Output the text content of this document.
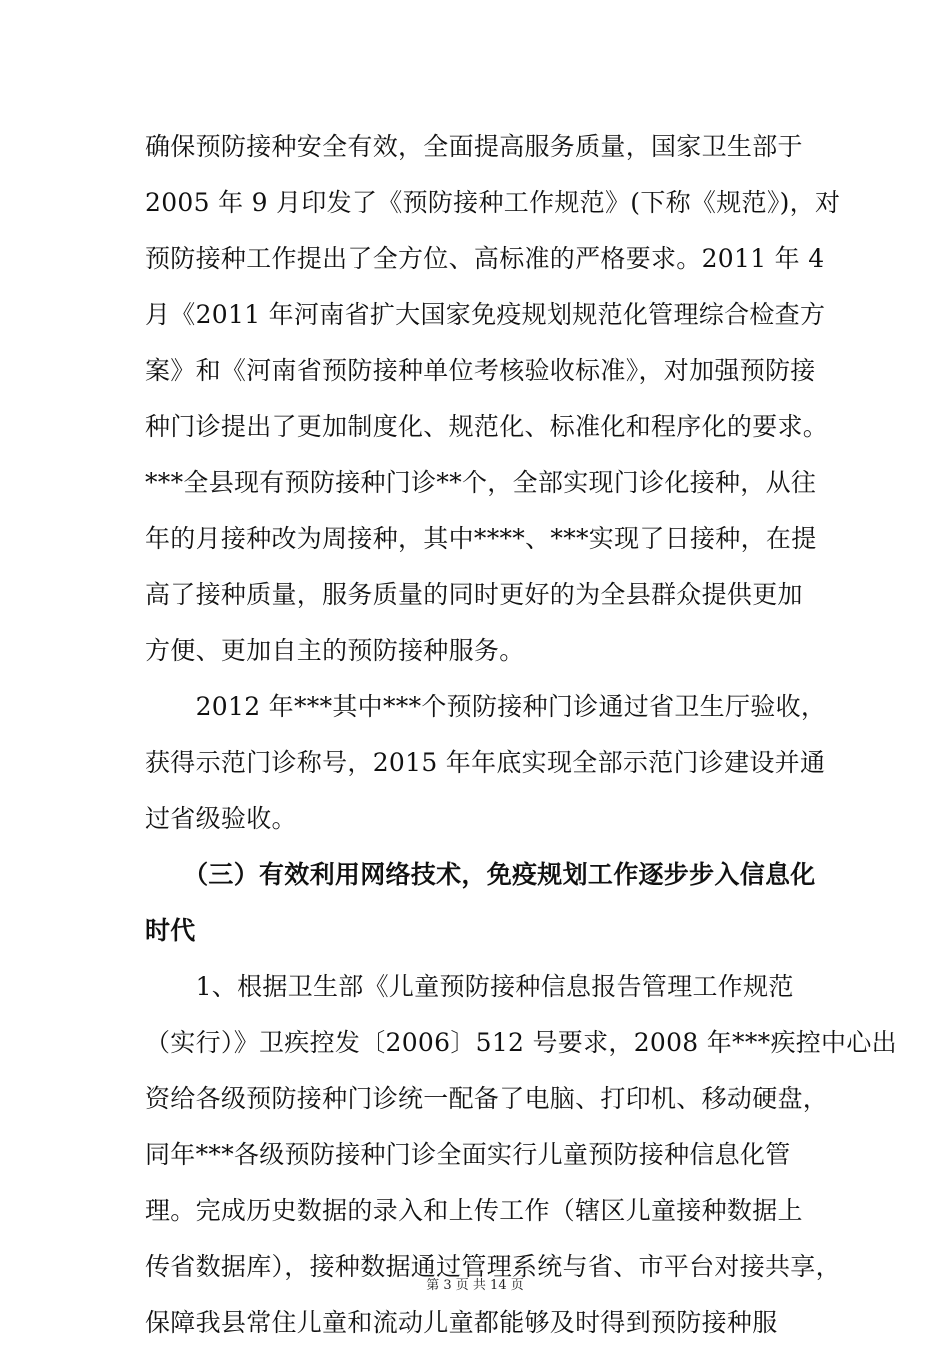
确保预防接种安全有效，全面提高服务质量，国家卫生部于
2005 年 9 月印发了《预防接种工作规范》(下称《规范》)，对
预防接种工作提出了全方位、高标准的严格要求。2011 年 4
月《2011 年河南省扩大国家免疫规划规范化管理综合检查方
案》和《河南省预防接种单位考核验收标准》，对加强预防接
种门诊提出了更加制度化、规范化、标准化和程序化的要求。
***全县现有预防接种门诊**个，全部实现门诊化接种，从往
年的月接种改为周接种，其中****、***实现了日接种，在提
高了接种质量，服务质量的同时更好的为全县群众提供更加
方便、更加自主的预防接种服务。
　　2012 年***其中***个预防接种门诊通过省卫生厅验收，
获得示范门诊称号，2015 年年底实现全部示范门诊建设并通
过省级验收。
　　（三）有效利用网络技术，免疫规划工作逐步步入信息化
时代
　　1、根据卫生部《儿童预防接种信息报告管理工作规范
（实行）》卫疾控发〔2006〕512 号要求，2008 年***疾控中心出
资给各级预防接种门诊统一配备了电脑、打印机、移动硬盘，
同年***各级预防接种门诊全面实行儿童预防接种信息化管
理。完成历史数据的录入和上传工作（辖区儿童接种数据上
传省数据库），接种数据通过管理系统与省、市平台对接共享，
保障我县常住儿童和流动儿童都能够及时得到预防接种服
第 3 页 共 14 页
